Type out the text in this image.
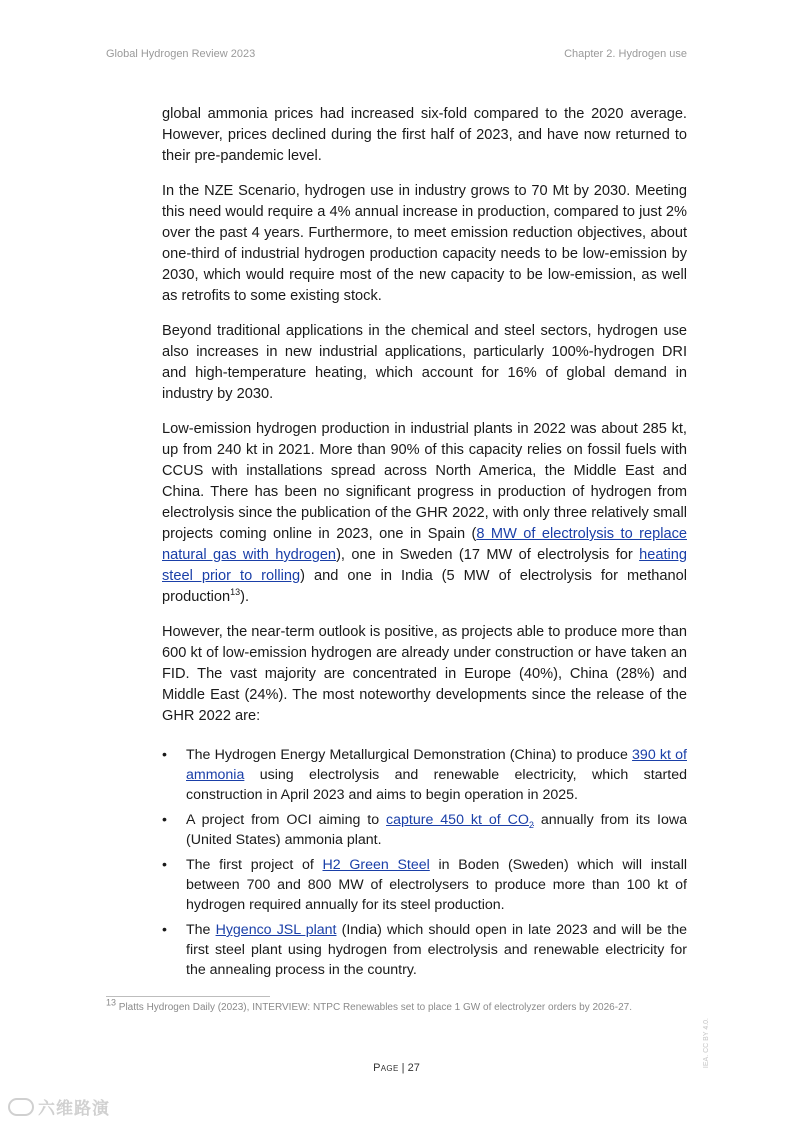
Global Hydrogen Review 2023	Chapter 2. Hydrogen use

global ammonia prices had increased six-fold compared to the 2020 average. However, prices declined during the first half of 2023, and have now returned to their pre-pandemic level.

In the NZE Scenario, hydrogen use in industry grows to 70 Mt by 2030. Meeting this need would require a 4% annual increase in production, compared to just 2% over the past 4 years. Furthermore, to meet emission reduction objectives, about one-third of industrial hydrogen production capacity needs to be low-emission by 2030, which would require most of the new capacity to be low-emission, as well as retrofits to some existing stock.

Beyond traditional applications in the chemical and steel sectors, hydrogen use also increases in new industrial applications, particularly 100%-hydrogen DRI and high-temperature heating, which account for 16% of global demand in industry by 2030.

Low-emission hydrogen production in industrial plants in 2022 was about 285 kt, up from 240 kt in 2021. More than 90% of this capacity relies on fossil fuels with CCUS with installations spread across North America, the Middle East and China. There has been no significant progress in production of hydrogen from electrolysis since the publication of the GHR 2022, with only three relatively small projects coming online in 2023, one in Spain (8 MW of electrolysis to replace natural gas with hydrogen), one in Sweden (17 MW of electrolysis for heating steel prior to rolling) and one in India (5 MW of electrolysis for methanol production$^{13}$).

However, the near-term outlook is positive, as projects able to produce more than 600 kt of low-emission hydrogen are already under construction or have taken an FID. The vast majority are concentrated in Europe (40%), China (28%) and Middle East (24%). The most noteworthy developments since the release of the GHR 2022 are:

•	The Hydrogen Energy Metallurgical Demonstration (China) to produce 390 kt of ammonia using electrolysis and renewable electricity, which started construction in April 2023 and aims to begin operation in 2025.
•	A project from OCI aiming to capture 450 kt of $CO_2$ annually from its Iowa (United States) ammonia plant.
•	The first project of H2 Green Steel in Boden (Sweden) which will install between 700 and 800 MW of electrolysers to produce more than 100 kt of hydrogen required annually for its steel production.
•	The Hygenco JSL plant (India) which should open in late 2023 and will be the first steel plant using hydrogen from electrolysis and renewable electricity for the annealing process in the country.
$^{13}$ Platts Hydrogen Daily (2023), INTERVIEW: NTPC Renewables set to place 1 GW of electrolyzer orders by 2026-27.
Page | 27	IEA. CC BY 4.0.
六维路演
